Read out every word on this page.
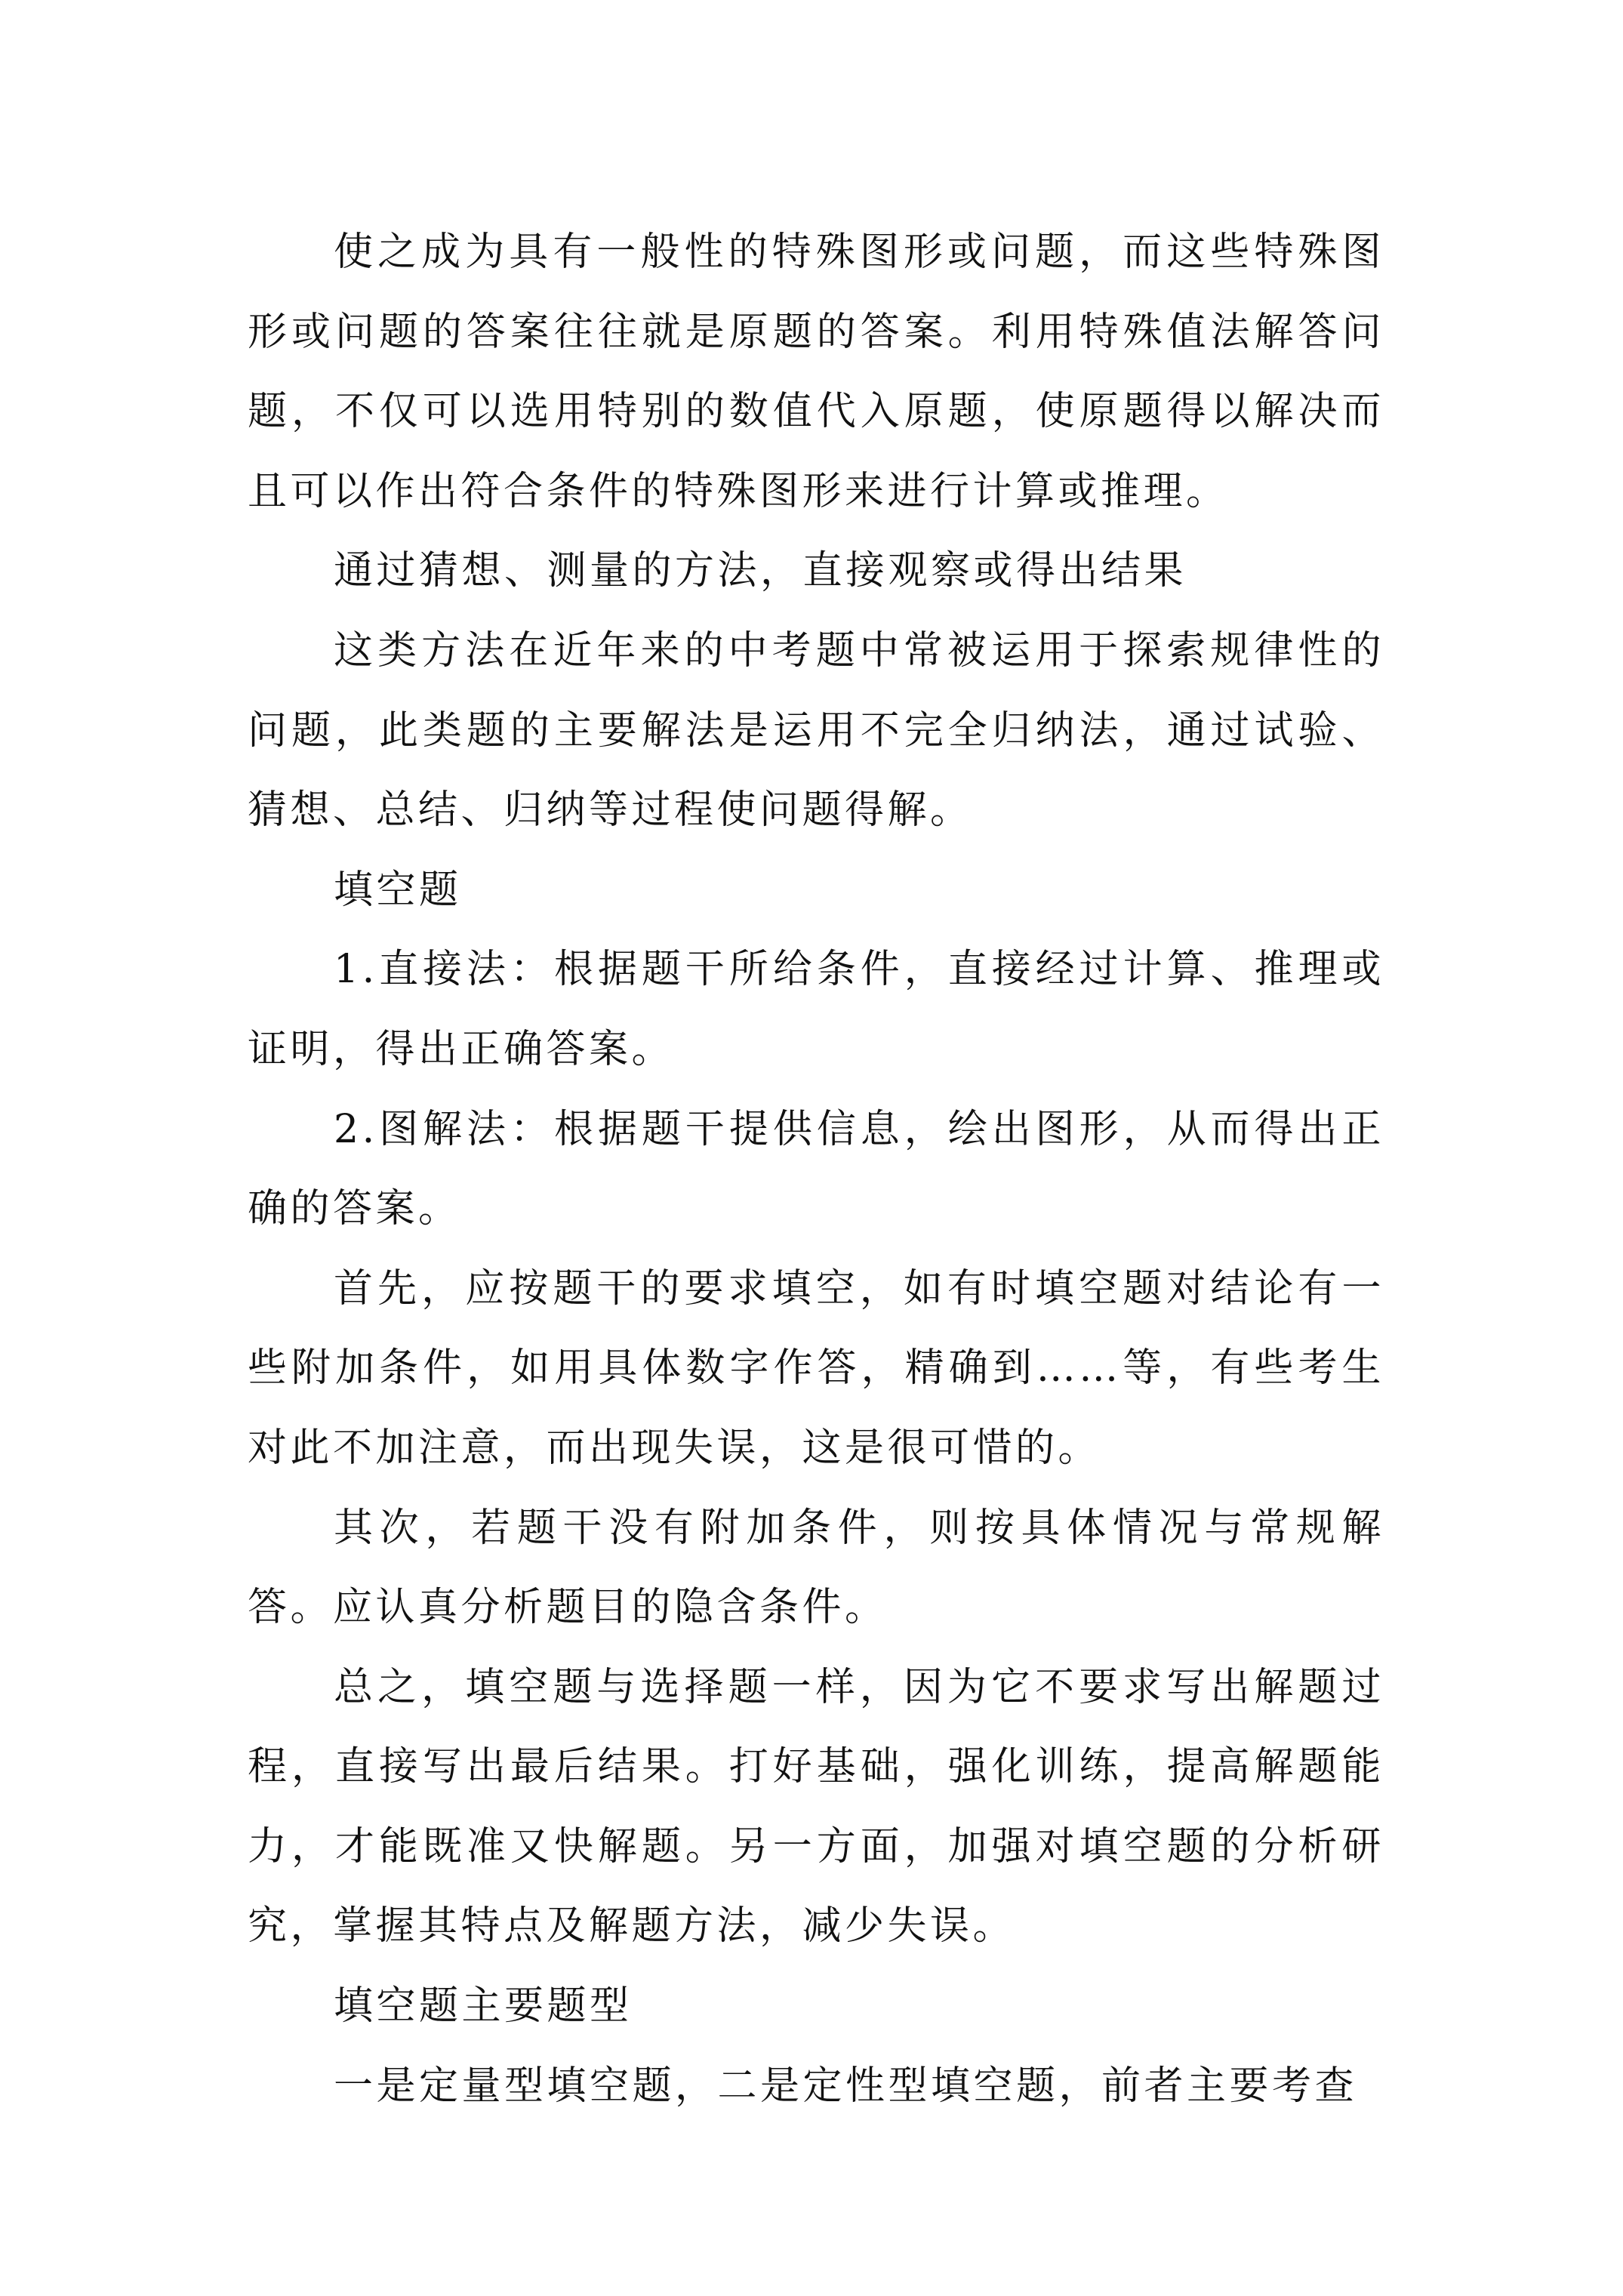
使之成为具有一般性的特殊图形或问题，而这些特殊图形或问题的答案往往就是原题的答案。利用特殊值法解答问题，不仅可以选用特别的数值代入原题，使原题得以解决而且可以作出符合条件的特殊图形来进行计算或推理。

通过猜想、测量的方法，直接观察或得出结果

这类方法在近年来的中考题中常被运用于探索规律性的问题，此类题的主要解法是运用不完全归纳法，通过试验、猜想、总结、归纳等过程使问题得解。

填空题

1.直接法：根据题干所给条件，直接经过计算、推理或证明，得出正确答案。

2.图解法：根据题干提供信息，绘出图形，从而得出正确的答案。

首先，应按题干的要求填空，如有时填空题对结论有一些附加条件，如用具体数字作答，精确到……等，有些考生对此不加注意，而出现失误，这是很可惜的。

其次，若题干没有附加条件，则按具体情况与常规解答。应认真分析题目的隐含条件。

总之，填空题与选择题一样，因为它不要求写出解题过程，直接写出最后结果。打好基础，强化训练，提高解题能力，才能既准又快解题。另一方面，加强对填空题的分析研究，掌握其特点及解题方法，减少失误。

填空题主要题型

一是定量型填空题，二是定性型填空题，前者主要考查
